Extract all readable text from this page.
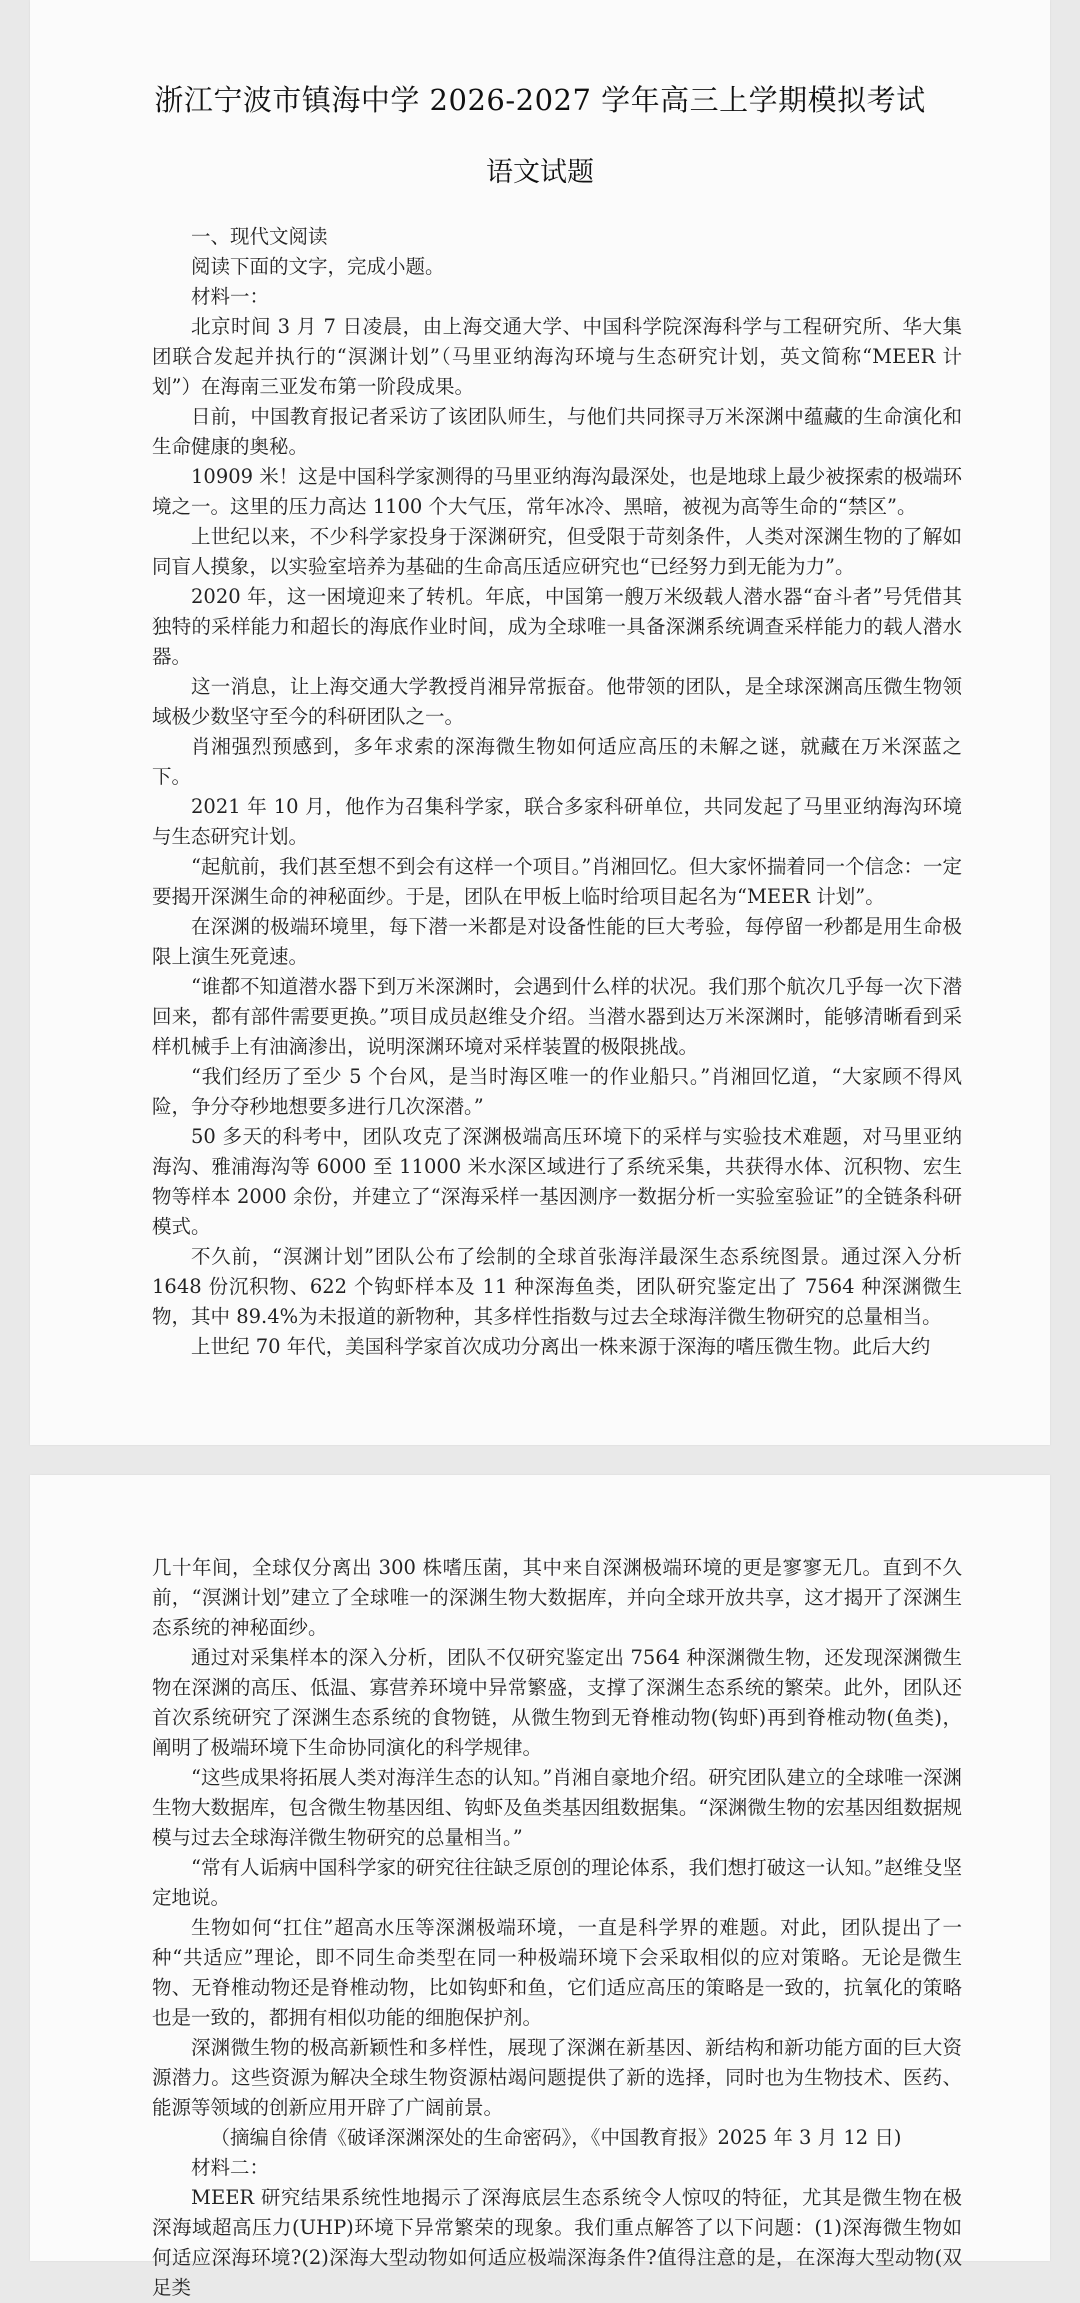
浙江宁波市镇海中学 2026-2027 学年高三上学期模拟考试
语文试题

一、现代文阅读

阅读下面的文字，完成小题。

材料一：

北京时间 3 月 7 日凌晨，由上海交通大学、中国科学院深海科学与工程研究所、华大集团联合发起并执行的“溟渊计划”（马里亚纳海沟环境与生态研究计划，英文简称“MEER 计划”）在海南三亚发布第一阶段成果。

日前，中国教育报记者采访了该团队师生，与他们共同探寻万米深渊中蕴藏的生命演化和生命健康的奥秘。

10909 米！这是中国科学家测得的马里亚纳海沟最深处，也是地球上最少被探索的极端环境之一。这里的压力高达 1100 个大气压，常年冰冷、黑暗，被视为高等生命的“禁区”。

上世纪以来，不少科学家投身于深渊研究，但受限于苛刻条件，人类对深渊生物的了解如同盲人摸象，以实验室培养为基础的生命高压适应研究也“已经努力到无能为力”。

2020 年，这一困境迎来了转机。年底，中国第一艘万米级载人潜水器“奋斗者”号凭借其独特的采样能力和超长的海底作业时间，成为全球唯一具备深渊系统调查采样能力的载人潜水器。

这一消息，让上海交通大学教授肖湘异常振奋。他带领的团队，是全球深渊高压微生物领域极少数坚守至今的科研团队之一。

肖湘强烈预感到，多年求索的深海微生物如何适应高压的未解之谜，就藏在万米深蓝之下。

2021 年 10 月，他作为召集科学家，联合多家科研单位，共同发起了马里亚纳海沟环境与生态研究计划。

“起航前，我们甚至想不到会有这样一个项目。”肖湘回忆。但大家怀揣着同一个信念：一定要揭开深渊生命的神秘面纱。于是，团队在甲板上临时给项目起名为“MEER 计划”。

在深渊的极端环境里，每下潜一米都是对设备性能的巨大考验，每停留一秒都是用生命极限上演生死竟速。

“谁都不知道潜水器下到万米深渊时，会遇到什么样的状况。我们那个航次几乎每一次下潜回来，都有部件需要更换。”项目成员赵维殳介绍。当潜水器到达万米深渊时，能够清晰看到采样机械手上有油滴渗出，说明深渊环境对采样装置的极限挑战。

“我们经历了至少 5 个台风，是当时海区唯一的作业船只。”肖湘回忆道，“大家顾不得风险，争分夺秒地想要多进行几次深潜。”

50 多天的科考中，团队攻克了深渊极端高压环境下的采样与实验技术难题，对马里亚纳海沟、雅浦海沟等 6000 至 11000 米水深区域进行了系统采集，共获得水体、沉积物、宏生物等样本 2000 余份，并建立了“深海采样一基因测序一数据分析一实验室验证”的全链条科研模式。

不久前，“溟渊计划”团队公布了绘制的全球首张海洋最深生态系统图景。通过深入分析1648 份沉积物、622 个钩虾样本及 11 种深海鱼类，团队研究鉴定出了 7564 种深渊微生物，其中 89.4%为未报道的新物种，其多样性指数与过去全球海洋微生物研究的总量相当。

上世纪 70 年代，美国科学家首次成功分离出一株来源于深海的嗜压微生物。此后大约

几十年间，全球仅分离出 300 株嗜压菌，其中来自深渊极端环境的更是寥寥无几。直到不久前，“溟渊计划”建立了全球唯一的深渊生物大数据库，并向全球开放共享，这才揭开了深渊生态系统的神秘面纱。

通过对采集样本的深入分析，团队不仅研究鉴定出 7564 种深渊微生物，还发现深渊微生物在深渊的高压、低温、寡营养环境中异常繁盛，支撑了深渊生态系统的繁荣。此外，团队还首次系统研究了深渊生态系统的食物链，从微生物到无脊椎动物(钩虾)再到脊椎动物(鱼类)，阐明了极端环境下生命协同演化的科学规律。

“这些成果将拓展人类对海洋生态的认知。”肖湘自豪地介绍。研究团队建立的全球唯一深渊生物大数据库，包含微生物基因组、钩虾及鱼类基因组数据集。“深渊微生物的宏基因组数据规模与过去全球海洋微生物研究的总量相当。”

“常有人诟病中国科学家的研究往往缺乏原创的理论体系，我们想打破这一认知。”赵维殳坚定地说。

生物如何“扛住”超高水压等深渊极端环境，一直是科学界的难题。对此，团队提出了一种“共适应”理论，即不同生命类型在同一种极端环境下会采取相似的应对策略。无论是微生物、无脊椎动物还是脊椎动物，比如钩虾和鱼，它们适应高压的策略是一致的，抗氧化的策略也是一致的，都拥有相似功能的细胞保护剂。

深渊微生物的极高新颖性和多样性，展现了深渊在新基因、新结构和新功能方面的巨大资源潜力。这些资源为解决全球生物资源枯竭问题提供了新的选择，同时也为生物技术、医药、能源等领域的创新应用开辟了广阔前景。

（摘编自徐倩《破译深渊深处的生命密码》，《中国教育报》2025 年 3 月 12 日)

材料二：

MEER 研究结果系统性地揭示了深海底层生态系统令人惊叹的特征，尤其是微生物在极深海域超高压力(UHP)环境下异常繁荣的现象。我们重点解答了以下问题：(1)深海微生物如何适应深海环境?(2)深海大型动物如何适应极端深海条件?值得注意的是，在深海大型动物(双足类
